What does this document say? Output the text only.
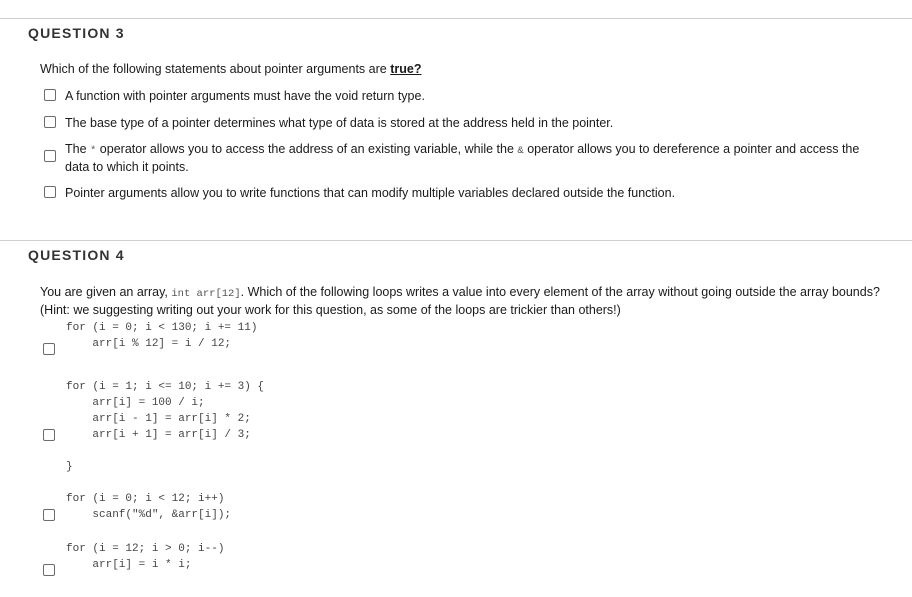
QUESTION 3
Which of the following statements about pointer arguments are true?
A function with pointer arguments must have the void return type.
The base type of a pointer determines what type of data is stored at the address held in the pointer.
The * operator allows you to access the address of an existing variable, while the & operator allows you to dereference a pointer and access the data to which it points.
Pointer arguments allow you to write functions that can modify multiple variables declared outside the function.
QUESTION 4
You are given an array, int arr[12]. Which of the following loops writes a value into every element of the array without going outside the array bounds? (Hint: we suggesting writing out your work for this question, as some of the loops are trickier than others!)
for (i = 0; i < 130; i += 11)
arr[i % 12] = i / 12;
for (i = 1; i <= 10; i += 3) {
arr[i] = 100 / i;
arr[i - 1] = arr[i] * 2;
arr[i + 1] = arr[i] / 3;

}
for (i = 0; i < 12; i++)
scanf("%d", &arr[i]);
for (i = 12; i > 0; i--)
arr[i] = i * i;
